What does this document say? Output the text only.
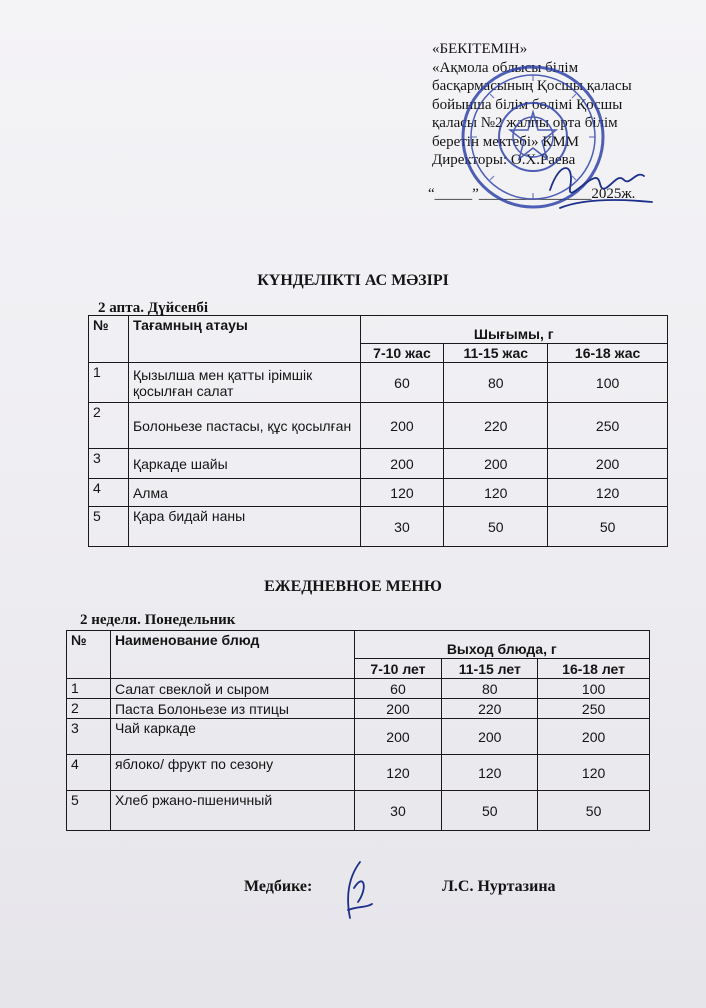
«БЕКІТЕМІН»
«Ақмола облысы білім
басқармасының Қосшы қаласы
бойынша білім бөлімі Қосшы
қаласы №2 жалпы орта білім
беретін мектебі» КММ
Директоры: О.Х.Раева
“_____”_______________2025ж.
КҮНДЕЛІКТІ АС МӘЗІРІ
2 апта. Дүйсенбі
№	Тағамның атауы	Шығымы, г		
		7-10 жас	11-15 жас	16-18 жас
1	Қызылша мен қатты ірімшік қосылған салат	60	80	100
2	Болоньезе пастасы, құс қосылған	200	220	250
3	Қаркаде шайы	200	200	200
4	Алма	120	120	120
5	Қара бидай наны	30	50	50
ЕЖЕДНЕВНОЕ МЕНЮ
2 неделя. Понедельник
№	Наименование блюд	Выход блюда, г		
		7-10 лет	11-15 лет	16-18 лет
1	Салат свеклой и сыром	60	80	100
2	Паста Болоньезе из птицы	200	220	250
3	Чай каркаде	200	200	200
4	яблоко/ фрукт по сезону	120	120	120
5	Хлеб ржано-пшеничный	30	50	50
Медбике:	Л.С. Нуртазина
